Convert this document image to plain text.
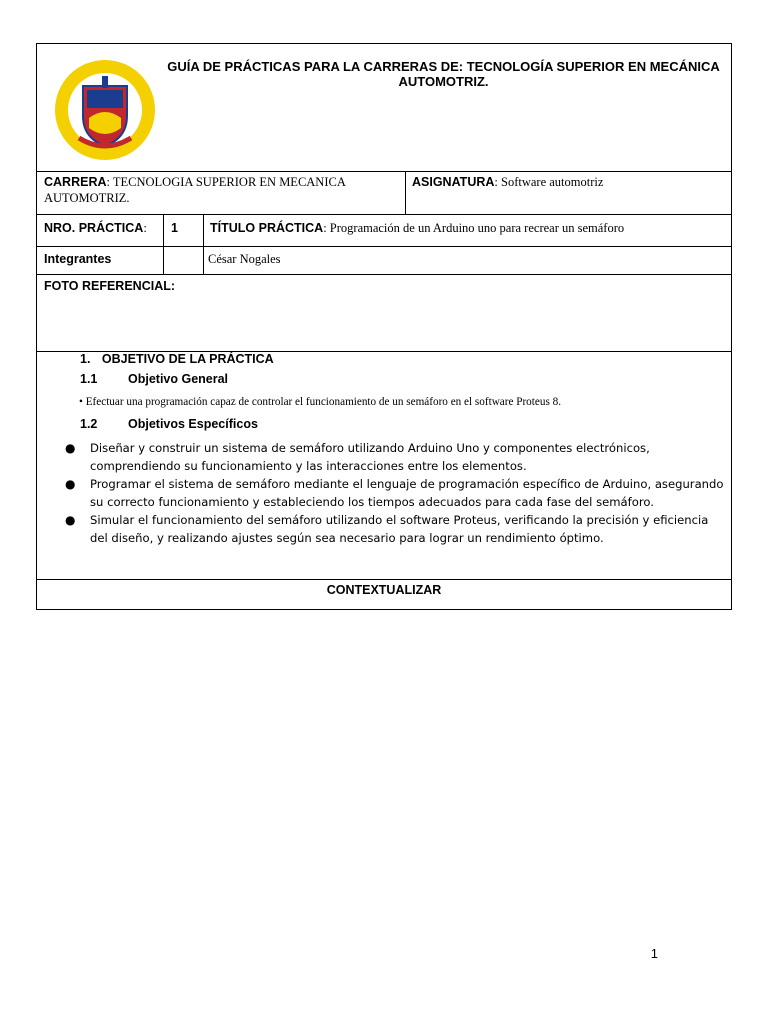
GUÍA DE PRÁCTICAS PARA LA CARRERAS DE: TECNOLOGÍA SUPERIOR EN MECÁNICA
AUTOMOTRIZ.
CARRERA: TECNOLOGIA SUPERIOR EN MECANICA AUTOMOTRIZ.
ASIGNATURA: Software automotriz
NRO. PRÁCTICA:	1	TÍTULO PRÁCTICA: Programación de un Arduino uno para recrear un semáforo
Integrantes	César Nogales
FOTO REFERENCIAL:
1. OBJETIVO DE LA PRÁCTICA
1.1 Objetivo General
• Efectuar una programación capaz de controlar el funcionamiento de un semáforo en el software Proteus 8.
1.2 Objetivos Específicos
● Diseñar y construir un sistema de semáforo utilizando Arduino Uno y componentes electrónicos, comprendiendo su funcionamiento y las interacciones entre los elementos.
● Programar el sistema de semáforo mediante el lenguaje de programación específico de Arduino, asegurando su correcto funcionamiento y estableciendo los tiempos adecuados para cada fase del semáforo.
● Simular el funcionamiento del semáforo utilizando el software Proteus, verificando la precisión y eficiencia del diseño, y realizando ajustes según sea necesario para lograr un rendimiento óptimo.
CONTEXTUALIZAR
1
